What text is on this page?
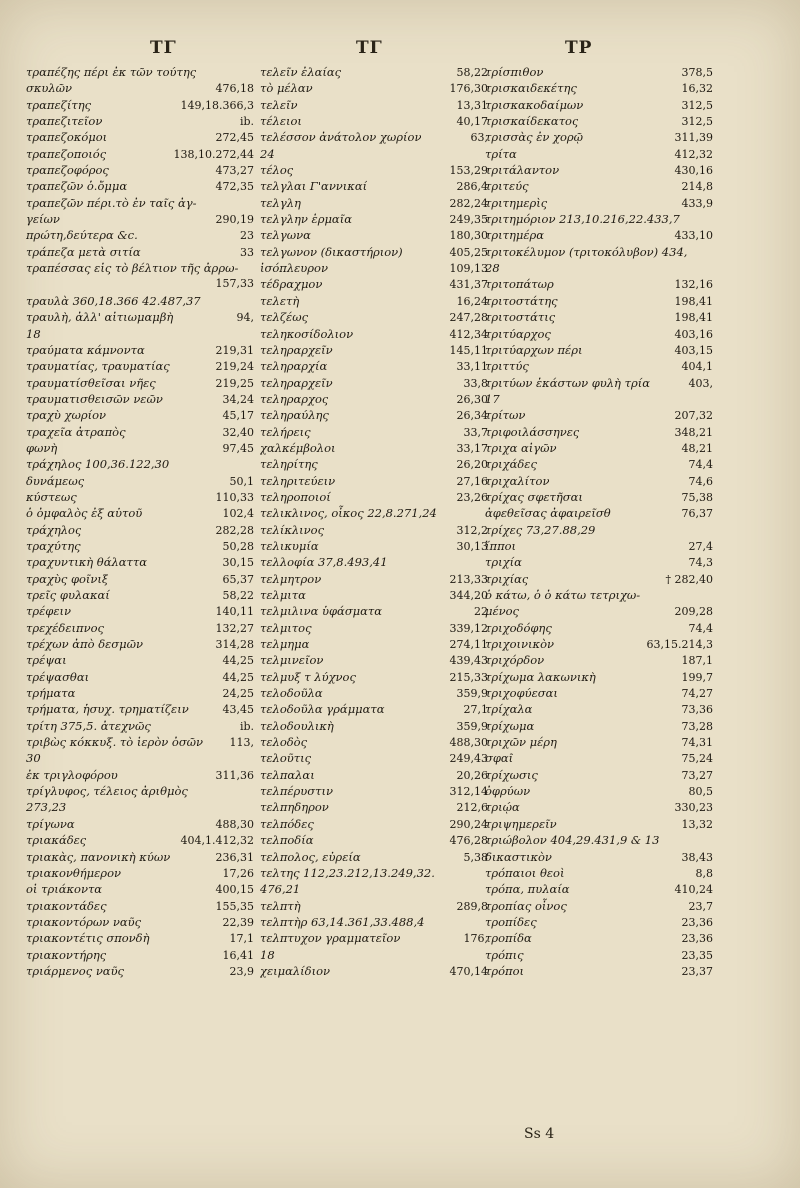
ΤΓ	ΤΓ	ΤΡ
τραπέζης πέρι ἐκ τῶν τούτης
σκυλῶν	476,18
τραπεζίτης	149,18.366,3
τραπεζιτεῖον	ib.
τραπεζοκόμοι	272,45
τραπεζοποιός	138,10.272,44
τραπεζοφόρος	473,27
τραπεζῶν ὁ.ὄμμα	472,35
τραπεζῶν πέρι.τὸ ἐν ταῖς ἀγ-
γείων	290,19
πρώτη,δεύτερα &c.	23
τράπεζα μετὰ σιτία	33
τραπέσσας εἰς τὸ βέλτιον τῆς ἀρρω-
157,33
τραυλὰ 360,18.366 42.487,37
τραυλὴ, ἀλλ' αἰτιωμαμβὴ	94,
18
τραύματα κάμνοντα	219,31
τραυματίας, τραυματίας	219,24
τραυματίσθεῖσαι νῆες	219,25
τραυματισθεισῶν νεῶν	34,24
τραχὺ χωρίον	45,17
τραχεῖα ἀτραπὸς	32,40
φωνὴ	97,45
τράχηλος 100,36.122,30
δυνάμεως	50,1
κύστεως	110,33
ὁ ὀμφαλὸς ἐξ αὐτοῦ	102,4
τράχηλος	282,28
τραχύτης	50,28
τραχυντικὴ θάλαττα	30,15
τραχὺς φοῖνιξ	65,37
τρεῖς φυλακαί	58,22
τρέφειν	140,11
τρεχέδειπνος	132,27
τρέχων ἀπὸ δεσμῶν	314,28
τρέψαι	44,25
τρέψασθαι	44,25
τρήματα	24,25
τρήματα, ἡσυχ. τρηματίζειν	43,45
τρίτη 375,5. ἀτεχνῶς	ib.
τριβὼς κόκκυξ. τὸ ἱερὸν ὀσῶν	113,
30
ἐκ τριγλοφόρου	311,36
τρίγλυφος, τέλειος ἀριθμὸς
273,23
τρίγωνα	488,30
τριακάδες	404,1.412,32
τριακὰς, πανονικὴ κύων	236,31
τριακονθήμερον	17,26
οἱ τριάκοντα	400,15
τριακοντάδες	155,35
τριακοντόρων ναῦς	22,39
τριακοντέτις σπονδὴ	17,1
τριακοντήρης	16,41
τριάρμενος ναῦς	23,9
τελεῖν ἐλαίας	58,22
τὸ μέλαν	176,30
τελεῖν	13,31
τέλειοι	40,17
τελέσσον ἀνάτολον χωρίον	63,
24
τέλος	153,29
τελγλαι Γ'αννικαί	286,4
τελγλη	282,24
τελγλην ἑρμαῖα	249,35
τελγωνα	180,30
τελγωνον (δικαστήριον)	405,25
ἰσόπλευρον	109,13
τέδραχμον	431,37
τελετὴ	16,24
τελζέως	247,28
τεληκοσίδολιον	412,34
τεληραρχεῖν	145,11
τεληραρχία	33,11
τεληραρχεῖν	33,8
τεληραρχος	26,30
τεληραύλης	26,34
τελήρεις	33,7
χαλκέμβολοι	33,17
τεληρίτης	26,20
τεληριτεύειν	27,16
τεληροποιοί	23,26
τελικλινος, οἶκος 22,8.271,24
τελίκλινος	312,2
τελικυμία	30,13
τελλοφία 37,8.493,41
τελμητρον	213,33
τελμιτα	344,20
τελμιλινα ὑφάσματα	22
τελμιτος	339,12
τελμημα	274,11
τελμινεῖον	439,43
τελμυξ τ λύχνος	215,33
τελοδοῦλα	359,9
τελοδοῦλα γράμματα	27,1
τελοδουλικὴ	359,9
τελοδὸς	488,30
τελοῦτις	249,43
τελπαλαι	20,26
τελπέρυστιν	312,14
τελπηδηρον	212,6
τελπόδες	290,24
τελποδία	476,28
τελπολος, εὐρεία	5,38
τελτης 112,23.212,13.249,32.
476,21
τελπτὴ	289,8
τελπτὴρ 63,14.361,33.488,4
τελπτυχον γραμματεῖον	176,
18
χειμαλίδιον	470,14
τρίσπιθον	378,5
τρισκαιδεκέτης	16,32
τρισκακοδαίμων	312,5
τρισκαίδεκατος	312,5
τρισσὰς ἐν χορῷ	311,39
τρίτα	412,32
τριτάλαντον	430,16
τριτεύς	214,8
τριτημερὶς	433,9
τριτημόριον 213,10.216,22.433,7
τριτημέρα	433,10
τριτοκέλυμον (τριτοκόλυβον) 434,
28
τριτοπάτωρ	132,16
τριτοστάτης	198,41
τριτοστάτις	198,41
τριτύαρχος	403,16
τριτύαρχων πέρι	403,15
τριττύς	404,1
τριτύων ἑκάστων φυλὴ τρία	403,
17
τρίτων	207,32
τριφοιλάσσηνες	348,21
τριχα αἰγῶν	48,21
τριχάδες	74,4
τριχαλίτον	74,6
τρίχας σφετῆσαι	75,38
ἀφεθεῖσας ἀφαιρεῖσθ	76,37
τρίχες 73,27.88,29
ἵπποι	27,4
τριχία	74,3
τριχίας	† 282,40
ὁ κάτω, ὁ ὁ κάτω τετριχω-
μένος	209,28
τριχοδόφης	74,4
τριχοινικὸν	63,15.214,3
τριχόρδον	187,1
τρίχωμα λακωνικὴ	199,7
τριχοφύεσαι	74,27
τρίχαλα	73,36
τρίχωμα	73,28
τριχῶν μέρη	74,31
σφαῖ	75,24
τρίχωσις	73,27
ὀφρύων	80,5
τριῴα	330,23
τριψημερεῖν	13,32
τριώβολον 404,29.431,9 & 13
δικαστικὸν	38,43
τρόπαιοι θεοὶ	8,8
τρόπα, πυλαία	410,24
τροπίας οἶνος	23,7
τροπίδες	23,36
τροπίδα	23,36
τρόπις	23,35
τρόποι	23,37
Ss 4
